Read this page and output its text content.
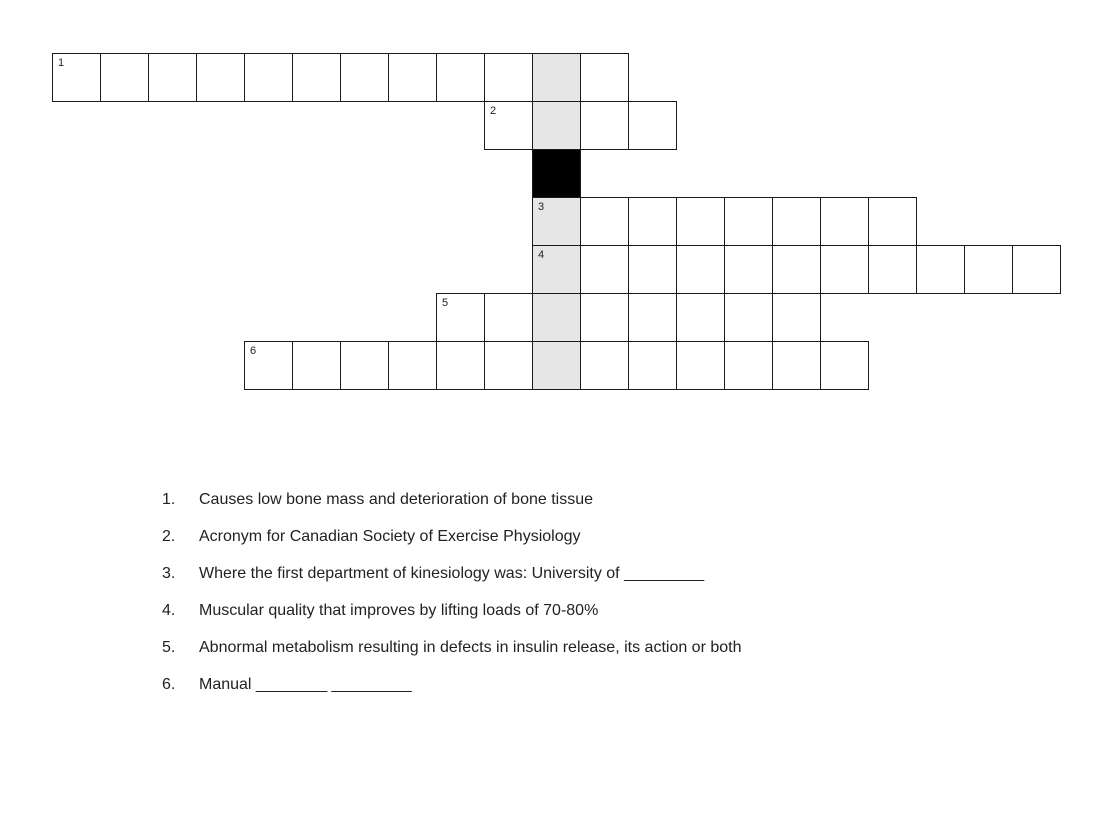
1
2
3
4
5
6
1. Causes low bone mass and deterioration of bone tissue
2. Acronym for Canadian Society of Exercise Physiology
3. Where the first department of kinesiology was: University of _________
4. Muscular quality that improves by lifting loads of 70-80%
5. Abnormal metabolism resulting in defects in insulin release, its action or both
6. Manual ________ _________
